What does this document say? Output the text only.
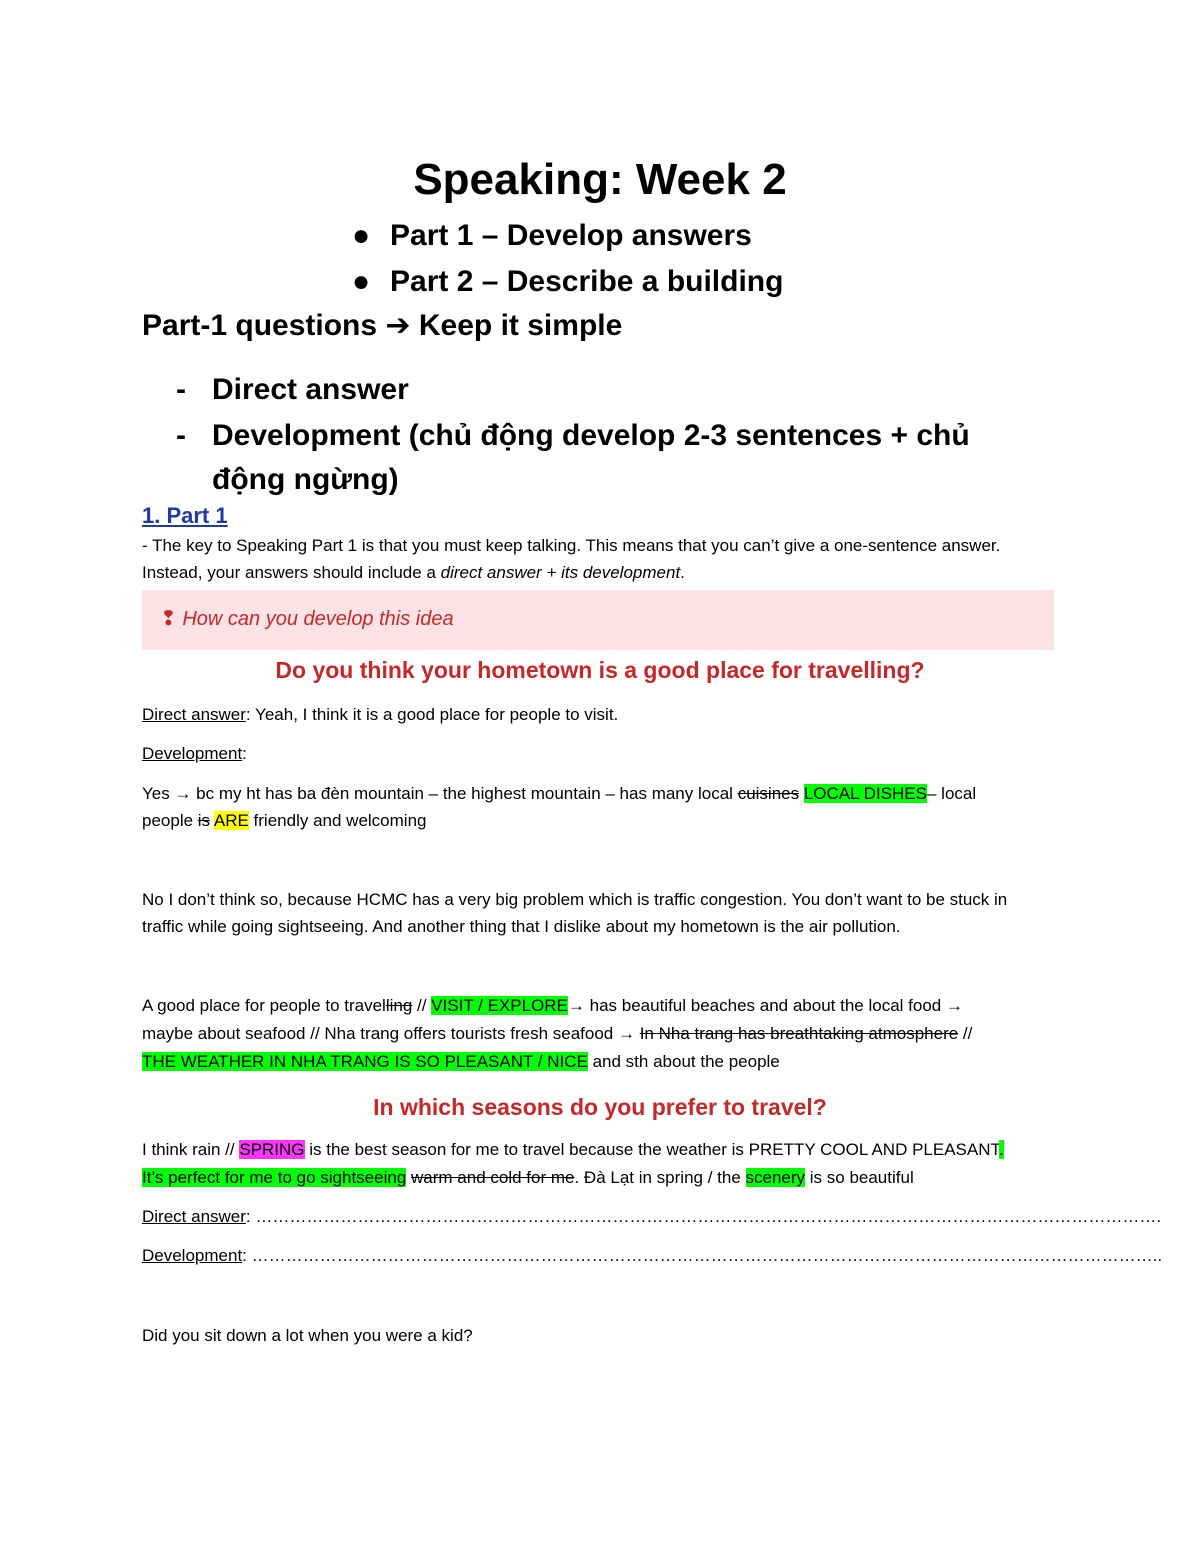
Speaking: Week 2
● Part 1 – Develop answers
● Part 2 – Describe a building
Part-1 questions ➔ Keep it simple
- Direct answer
- Development (chủ động develop 2-3 sentences + chủ
động ngừng)
1. Part 1
- The key to Speaking Part 1 is that you must keep talking. This means that you can’t give a one-sentence answer.
Instead, your answers should include a direct answer + its development.
❢ How can you develop this idea
Do you think your hometown is a good place for travelling?
Direct answer: Yeah, I think it is a good place for people to visit.
Development:
Yes → bc my ht has ba đèn mountain – the highest mountain – has many local cuisines LOCAL DISHES– local
people is ARE friendly and welcoming
No I don’t think so, because HCMC has a very big problem which is traffic congestion. You don’t want to be stuck in
traffic while going sightseeing. And another thing that I dislike about my hometown is the air pollution.
A good place for people to travelling // VISIT / EXPLORE→ has beautiful beaches and about the local food →
maybe about seafood // Nha trang offers tourists fresh seafood → In Nha trang has breathtaking atmosphere //
THE WEATHER IN NHA TRANG IS SO PLEASANT / NICE and sth about the people
In which seasons do you prefer to travel?
I think rain // SPRING is the best season for me to travel because the weather is PRETTY COOL AND PLEASANT.
It’s perfect for me to go sightseeing warm and cold for me. Đà Lạt in spring / the scenery is so beautiful
Direct answer: …………………………………………………………………………………………………………………………………………….
Development: ……………………………………………………………………………………………………………………………………………..
Did you sit down a lot when you were a kid?
